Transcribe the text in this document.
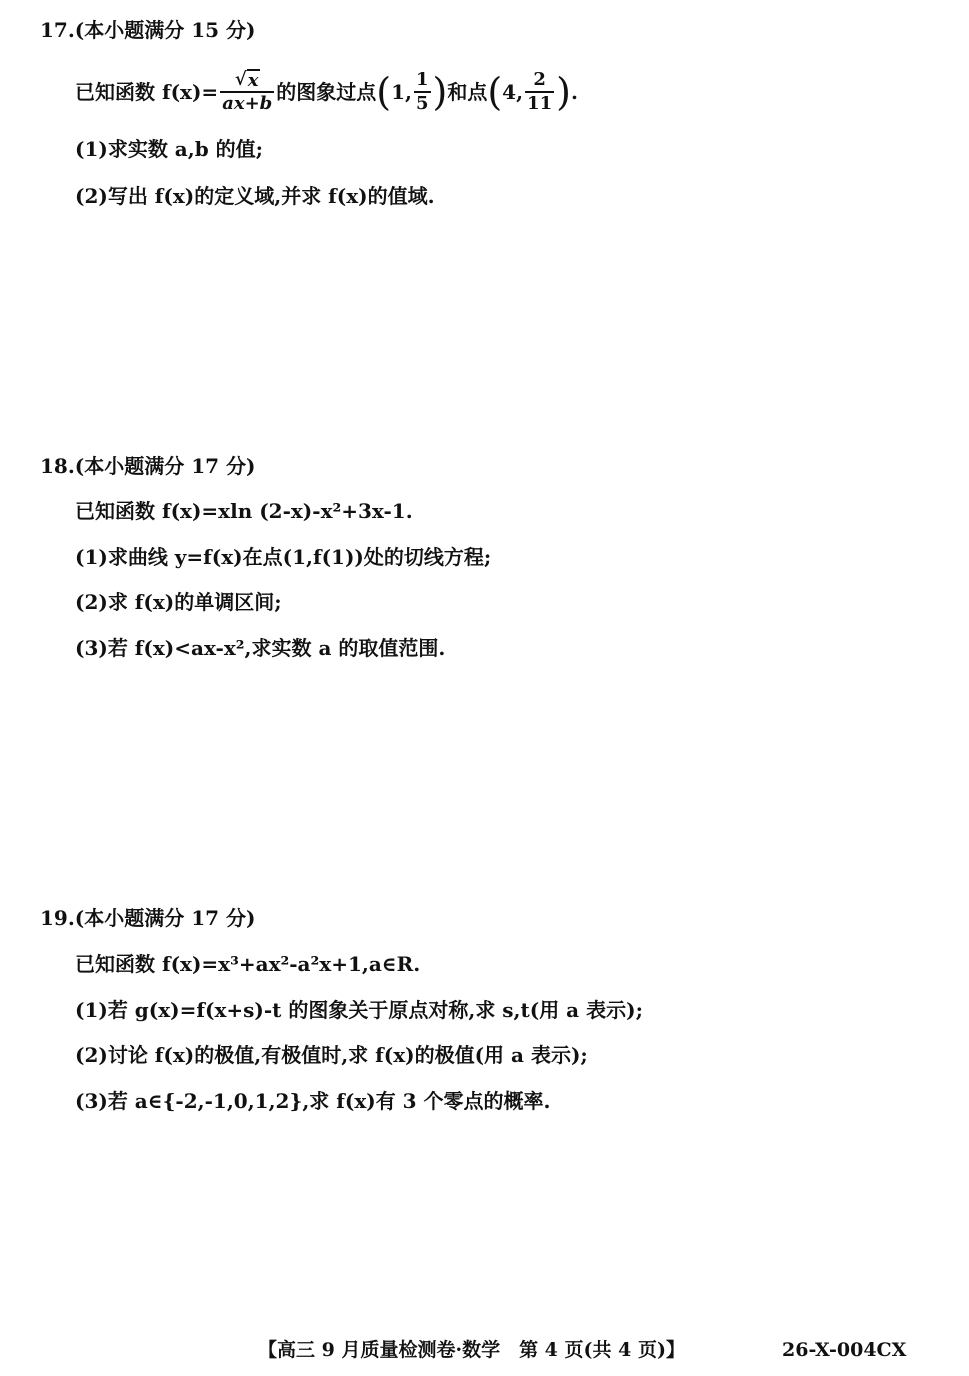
17.(本小题满分 15 分)
已知函数 $f(x)= \frac{√ x}{ax+b}$ 的图象过点 ( 1, $\frac{1}{5}$ ) 和点 ( 4, $\frac{2}{11}$ ) .
(1)求实数 a,b 的值;
(2)写出 f(x)的定义域,并求 f(x)的值域.
18.(本小题满分 17 分)
已知函数 f(x)=xln (2-x)-x²+3x-1.
(1)求曲线 y=f(x)在点(1,f(1))处的切线方程;
(2)求 f(x)的单调区间;
(3)若 f(x)<ax-x²,求实数 a 的取值范围.
19.(本小题满分 17 分)
已知函数 f(x)=x³+ax²-a²x+1,a∈R.
(1)若 g(x)=f(x+s)-t 的图象关于原点对称,求 s,t(用 a 表示);
(2)讨论 f(x)的极值,有极值时,求 f(x)的极值(用 a 表示);
(3)若 a∈{-2,-1,0,1,2},求 f(x)有 3 个零点的概率.
【高三 9 月质量检测卷·数学　第 4 页(共 4 页)】	26-X-004CX
